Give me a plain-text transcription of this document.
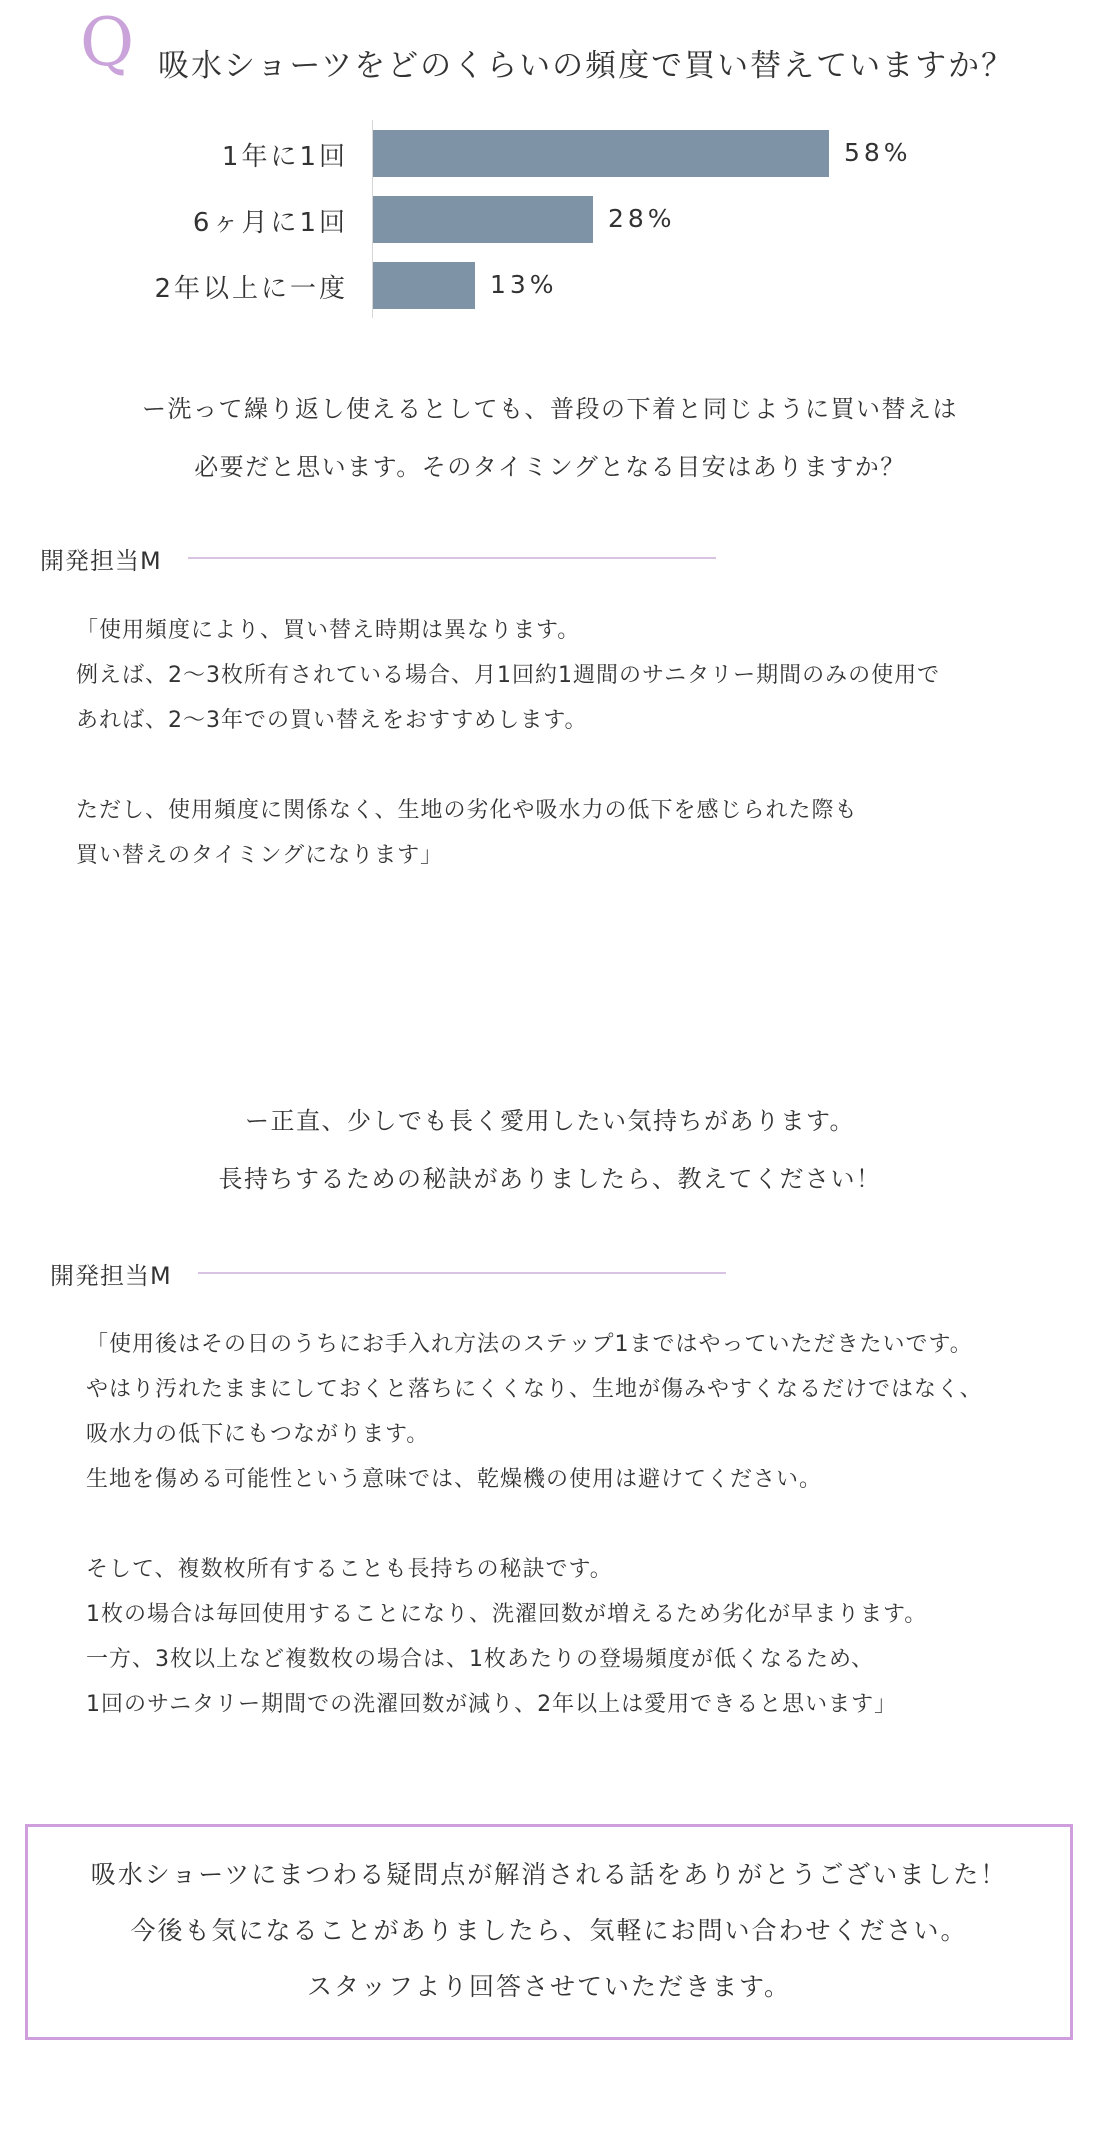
Q 吸水ショーツをどのくらいの頻度で買い替えていますか？
1年に1回	58%
6ヶ月に1回	28%
2年以上に一度	13%
ー洗って繰り返し使えるとしても、普段の下着と同じように買い替えは
必要だと思います。そのタイミングとなる目安はありますか？
開発担当M

「使用頻度により、買い替え時期は異なります。

例えば、2〜3枚所有されている場合、月1回約1週間のサニタリー期間のみの使用で

あれば、2〜3年での買い替えをおすすめします。

ただし、使用頻度に関係なく、生地の劣化や吸水力の低下を感じられた際も

買い替えのタイミングになります」

ー正直、少しでも長く愛用したい気持ちがあります。
長持ちするための秘訣がありましたら、教えてください！
開発担当M

「使用後はその日のうちにお手入れ方法のステップ1まではやっていただきたいです。

やはり汚れたままにしておくと落ちにくくなり、生地が傷みやすくなるだけではなく、

吸水力の低下にもつながります。

生地を傷める可能性という意味では、乾燥機の使用は避けてください。

そして、複数枚所有することも長持ちの秘訣です。

1枚の場合は毎回使用することになり、洗濯回数が増えるため劣化が早まります。

一方、3枚以上など複数枚の場合は、1枚あたりの登場頻度が低くなるため、

1回のサニタリー期間での洗濯回数が減り、2年以上は愛用できると思います」

吸水ショーツにまつわる疑問点が解消される話をありがとうございました！

今後も気になることがありましたら、気軽にお問い合わせください。

スタッフより回答させていただきます。
